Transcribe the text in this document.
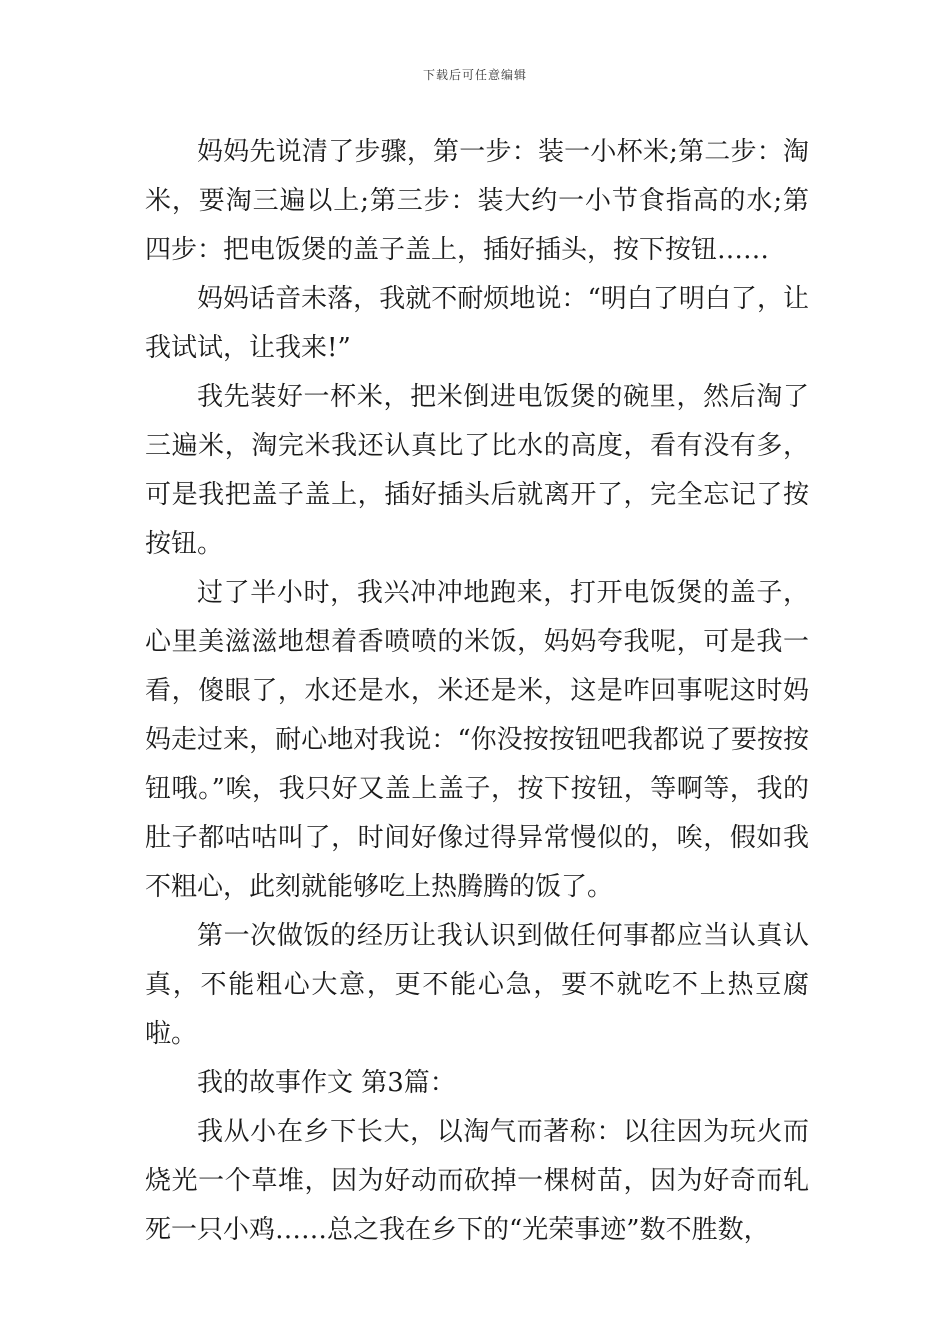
下载后可任意编辑

妈妈先说清了步骤，第一步：装一小杯米;第二步：淘米，要淘三遍以上;第三步：装大约一小节食指高的水;第四步：把电饭煲的盖子盖上，插好插头，按下按钮……

妈妈话音未落，我就不耐烦地说：“明白了明白了，让我试试，让我来!”

我先装好一杯米，把米倒进电饭煲的碗里，然后淘了三遍米，淘完米我还认真比了比水的高度，看有没有多，可是我把盖子盖上，插好插头后就离开了，完全忘记了按按钮。

过了半小时，我兴冲冲地跑来，打开电饭煲的盖子，心里美滋滋地想着香喷喷的米饭，妈妈夸我呢，可是我一看，傻眼了，水还是水，米还是米，这是咋回事呢这时妈妈走过来，耐心地对我说：“你没按按钮吧我都说了要按按钮哦。”唉，我只好又盖上盖子，按下按钮，等啊等，我的肚子都咕咕叫了，时间好像过得异常慢似的，唉，假如我不粗心，此刻就能够吃上热腾腾的饭了。

第一次做饭的经历让我认识到做任何事都应当认真认真，不能粗心大意，更不能心急，要不就吃不上热豆腐啦。

我的故事作文 第3篇：

我从小在乡下长大，以淘气而著称：以往因为玩火而烧光一个草堆，因为好动而砍掉一棵树苗，因为好奇而轧死一只小鸡……总之我在乡下的“光荣事迹”数不胜数，
